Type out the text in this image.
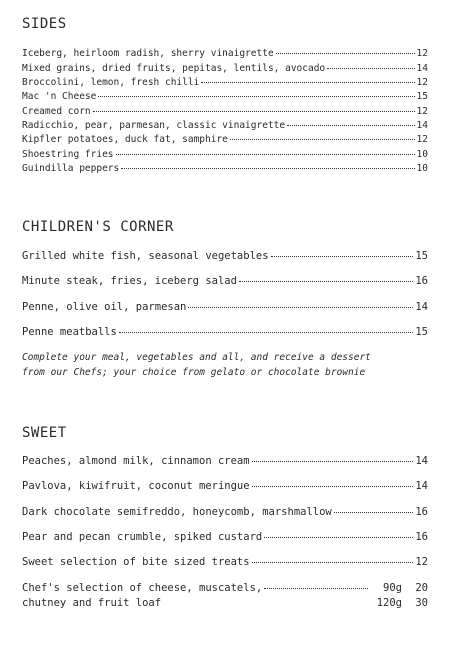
SIDES
Iceberg, heirloom radish, sherry vinaigrette	12
Mixed grains, dried fruits, pepitas, lentils, avocado	14
Broccolini, lemon, fresh chilli	12
Mac 'n Cheese	15
Creamed corn	12
Radicchio, pear, parmesan, classic vinaigrette	14
Kipfler potatoes, duck fat, samphire	12
Shoestring fries	10
Guindilla peppers	10
CHILDREN'S CORNER
Grilled white fish, seasonal vegetables	15
Minute steak, fries, iceberg salad	16
Penne, olive oil, parmesan	14
Penne meatballs	15
Complete your meal, vegetables and all, and receive a dessert
from our Chefs; your choice from gelato or chocolate brownie
SWEET
Peaches, almond milk, cinnamon cream	14
Pavlova, kiwifruit, coconut meringue	14
Dark chocolate semifreddo, honeycomb, marshmallow	16
Pear and pecan crumble, spiked custard	16
Sweet selection of bite sized treats	12
Chef's selection of cheese, muscatels,	90g	20
chutney and fruit loaf	120g	30
